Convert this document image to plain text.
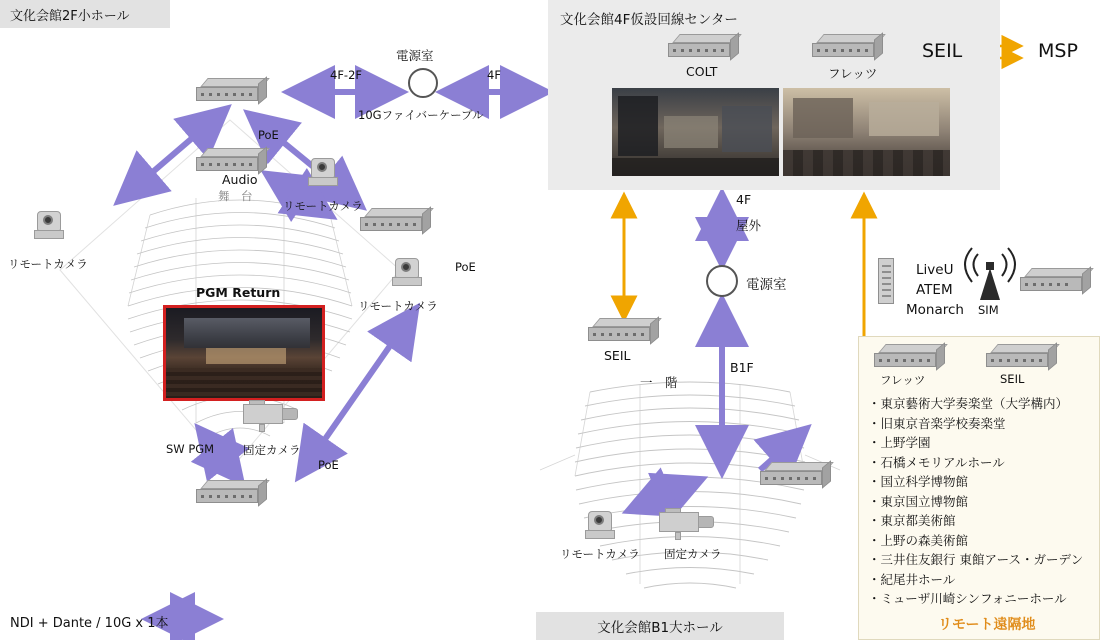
文化会館2F小ホール	文化会館4F仮設回線センター
文化会館B1大ホール
電源室
4F-2F	4F
10Gファイバーケーブル
PoE
PoE
PoE
Audio
舞　台
リモートカメラ
リモートカメラ
リモートカメラ
PGM Return
SW PGM	固定カメラ
COLT	フレッツ
SEIL	MSP
4F
屋外
電源室
SEIL
B1F
一　階
リモートカメラ 固定カメラ
LiveU
ATEM
Monarch SIM
フレッツ	SEIL
・東京藝術大学奏楽堂（大学構内）
・旧東京音楽学校奏楽堂
・上野学園
・石橋メモリアルホール
・国立科学博物館
・東京国立博物館
・東京都美術館
・上野の森美術館
・三井住友銀行 東館アース・ガーデン
・紀尾井ホール
・ミューザ川崎シンフォニーホール
リモート遠隔地
NDI + Dante / 10G x 1本
